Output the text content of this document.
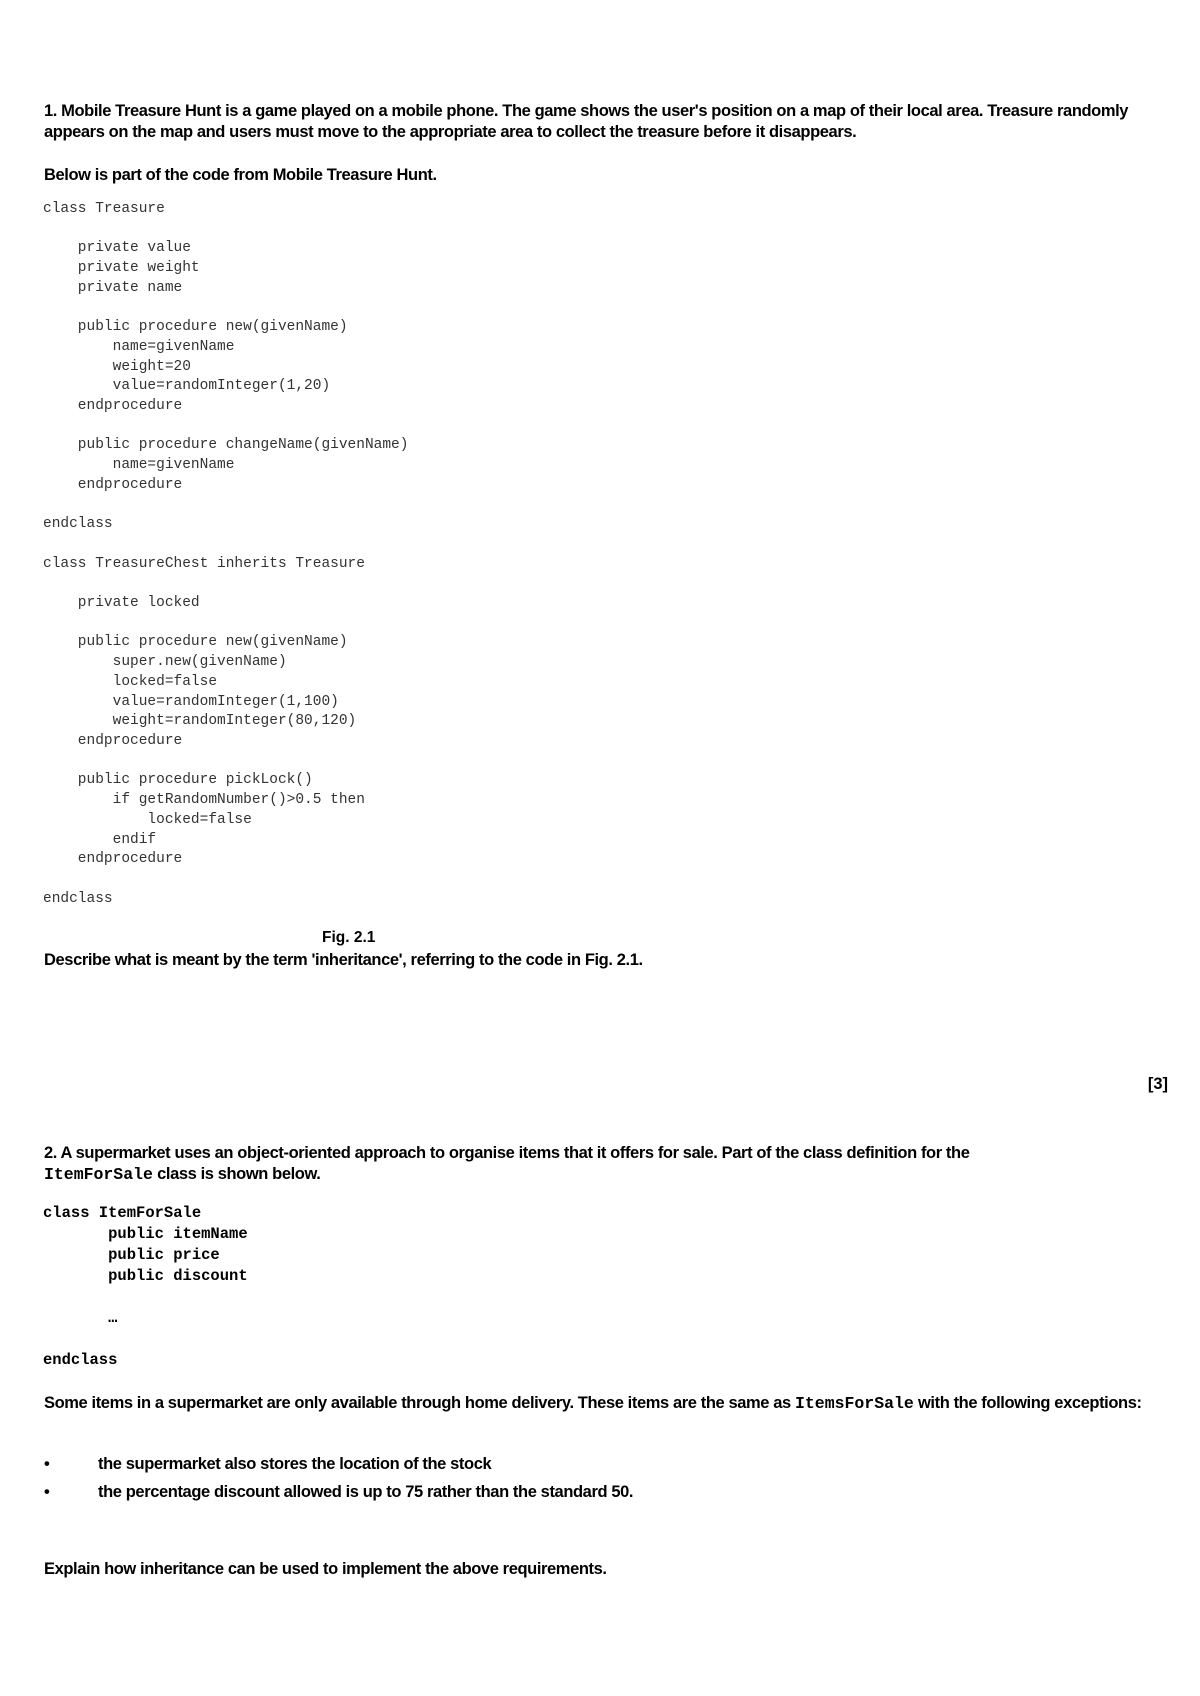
1. Mobile Treasure Hunt is a game played on a mobile phone. The game shows the user's position on a map of their local area. Treasure randomly appears on the map and users must move to the appropriate area to collect the treasure before it disappears.
Below is part of the code from Mobile Treasure Hunt.
class Treasure

private value
private weight
private name

public procedure new(givenName)
name=givenName
weight=20
value=randomInteger(1,20)
endprocedure

public procedure changeName(givenName)
name=givenName
endprocedure

endclass

class TreasureChest inherits Treasure

private locked

public procedure new(givenName)
super.new(givenName)
locked=false
value=randomInteger(1,100)
weight=randomInteger(80,120)
endprocedure

public procedure pickLock()
if getRandomNumber()>0.5 then
locked=false
endif
endprocedure

endclass
Fig. 2.1
Describe what is meant by the term 'inheritance', referring to the code in Fig. 2.1.
[3]
2. A supermarket uses an object-oriented approach to organise items that it offers for sale. Part of the class definition for the
ItemForSale class is shown below.
class ItemForSale
public itemName
public price
public discount

…

endclass
Some items in a supermarket are only available through home delivery. These items are the same as ItemsForSale with the following exceptions:
•	the supermarket also stores the location of the stock
•	the percentage discount allowed is up to 75 rather than the standard 50.
Explain how inheritance can be used to implement the above requirements.
